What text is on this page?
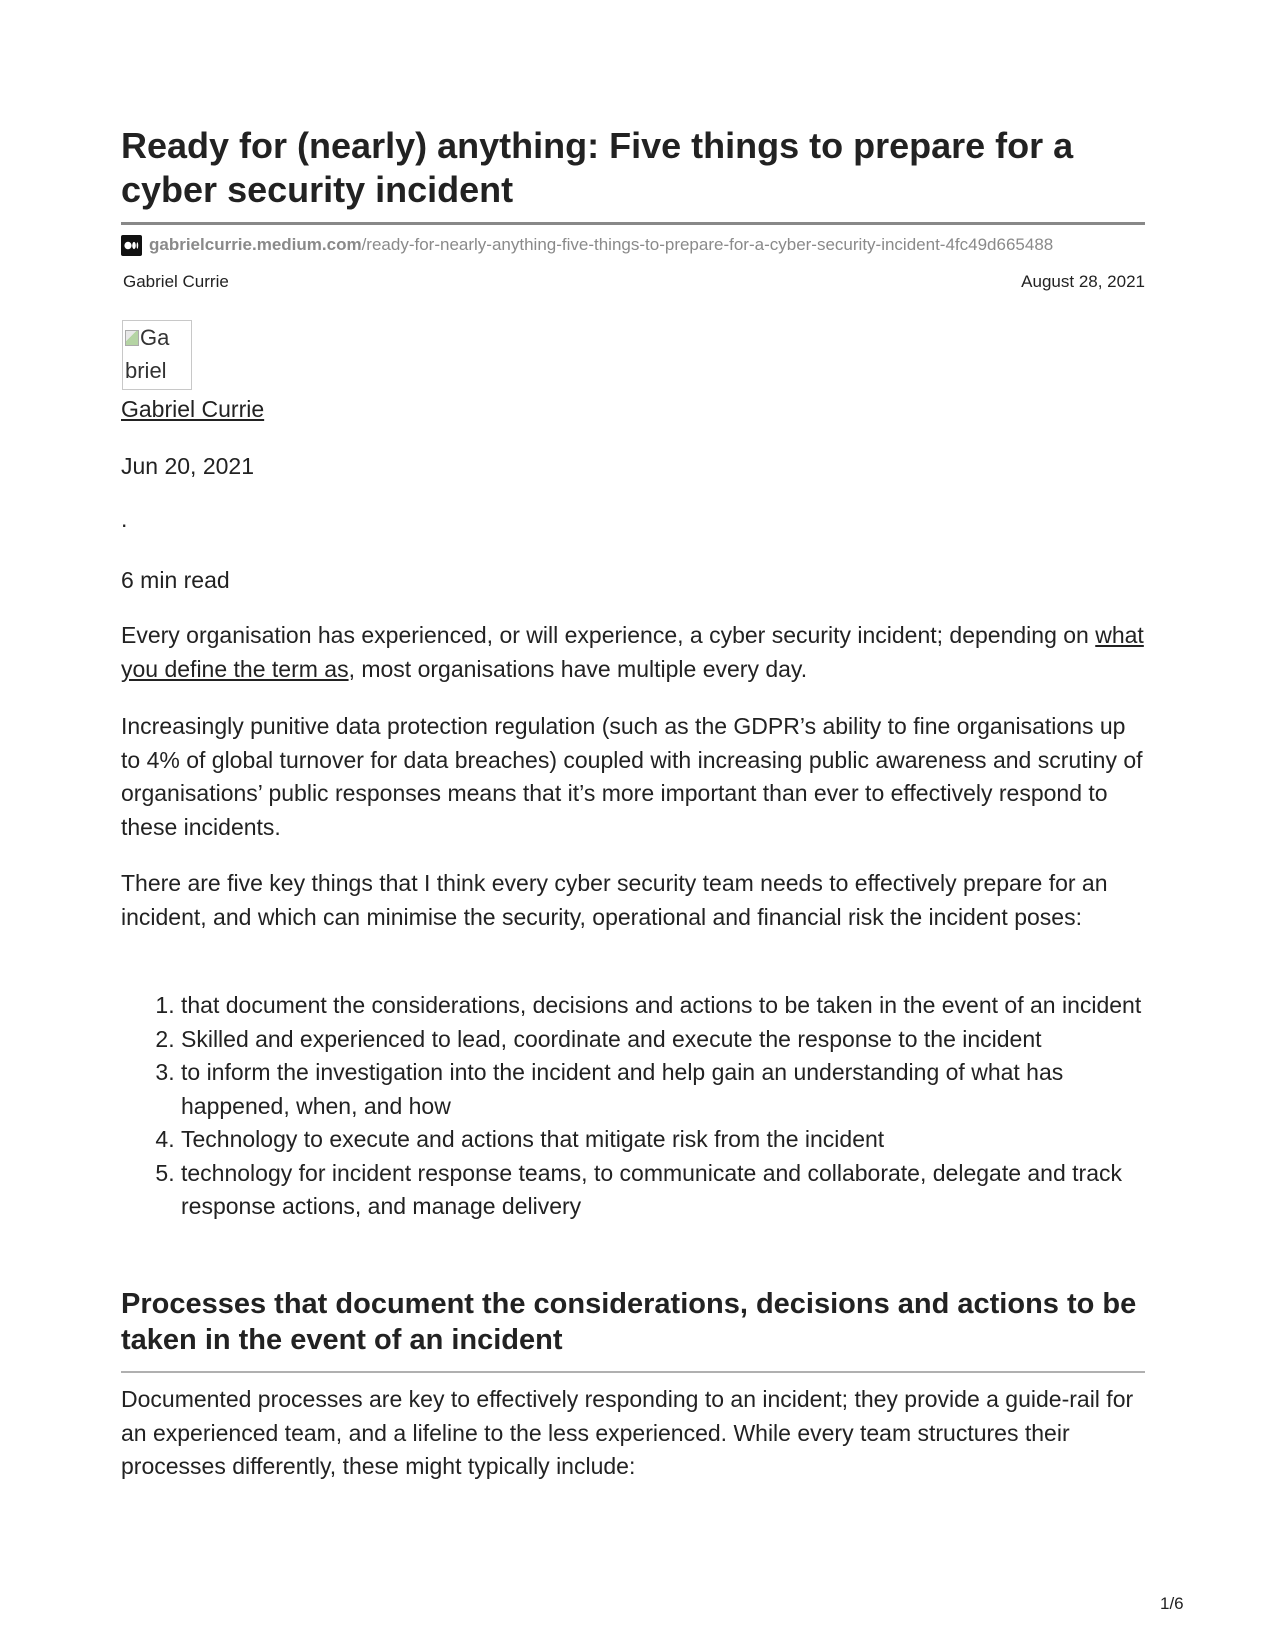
Ready for (nearly) anything: Five things to prepare for a cyber security incident
gabrielcurrie.medium.com /ready-for-nearly-anything-five-things-to-prepare-for-a-cyber-security-incident-4fc49d665488
Gabriel Currie	August 28, 2021
Ga briel
Gabriel Currie
Jun 20, 2021
.
6 min read

Every organisation has experienced, or will experience, a cyber security incident; depending on what you define the term as, most organisations have multiple every day.

Increasingly punitive data protection regulation (such as the GDPR’s ability to fine organisations up to 4% of global turnover for data breaches) coupled with increasing public awareness and scrutiny of organisations’ public responses means that it’s more important than ever to effectively respond to these incidents.

There are five key things that I think every cyber security team needs to effectively prepare for an incident, and which can minimise the security, operational and financial risk the incident poses:

1. that document the considerations, decisions and actions to be taken in the event of an incident
2. Skilled and experienced to lead, coordinate and execute the response to the incident
3. to inform the investigation into the incident and help gain an understanding of what has happened, when, and how
4. Technology to execute and actions that mitigate risk from the incident
5. technology for incident response teams, to communicate and collaborate, delegate and track response actions, and manage delivery
Processes that document the considerations, decisions and actions to be taken in the event of an incident

Documented processes are key to effectively responding to an incident; they provide a guide-rail for an experienced team, and a lifeline to the less experienced. While every team structures their processes differently, these might typically include:

1/6
